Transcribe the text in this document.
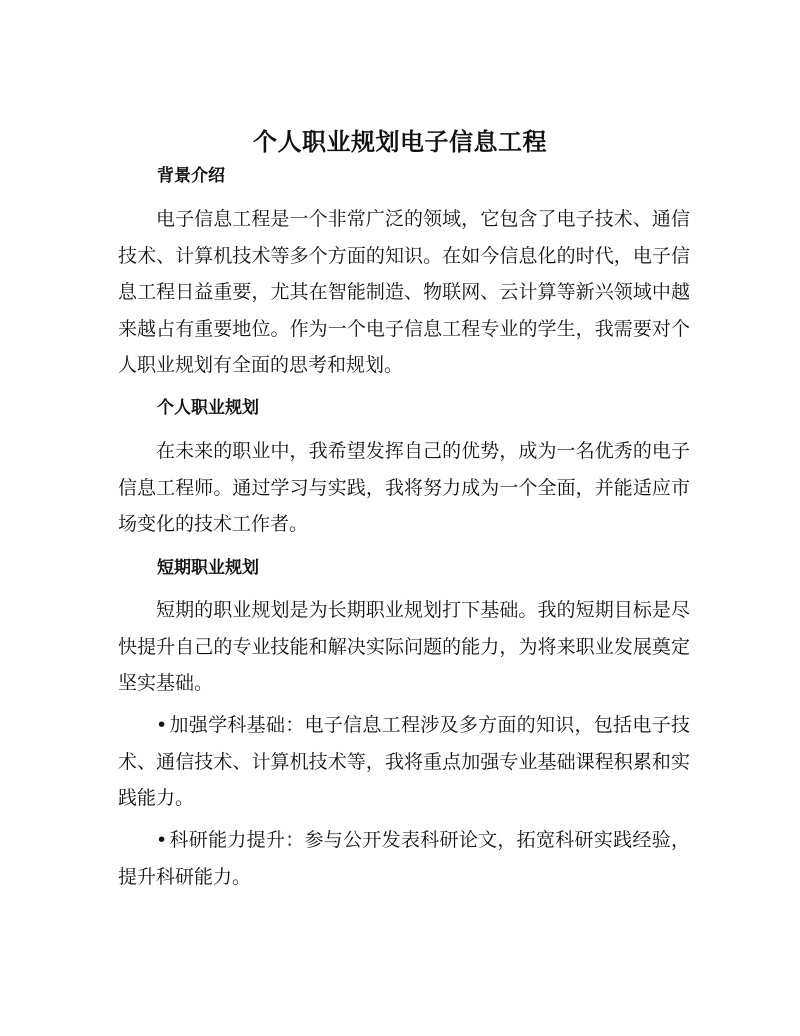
个人职业规划电子信息工程
背景介绍

电子信息工程是一个非常广泛的领域，它包含了电子技术、通信技术、计算机技术等多个方面的知识。在如今信息化的时代，电子信息工程日益重要，尤其在智能制造、物联网、云计算等新兴领域中越来越占有重要地位。作为一个电子信息工程专业的学生，我需要对个人职业规划有全面的思考和规划。

个人职业规划

在未来的职业中，我希望发挥自己的优势，成为一名优秀的电子信息工程师。通过学习与实践，我将努力成为一个全面，并能适应市场变化的技术工作者。

短期职业规划

短期的职业规划是为长期职业规划打下基础。我的短期目标是尽快提升自己的专业技能和解决实际问题的能力，为将来职业发展奠定坚实基础。

• 加强学科基础：电子信息工程涉及多方面的知识，包括电子技术、通信技术、计算机技术等，我将重点加强专业基础课程积累和实践能力。

• 科研能力提升：参与公开发表科研论文，拓宽科研实践经验，提升科研能力。
